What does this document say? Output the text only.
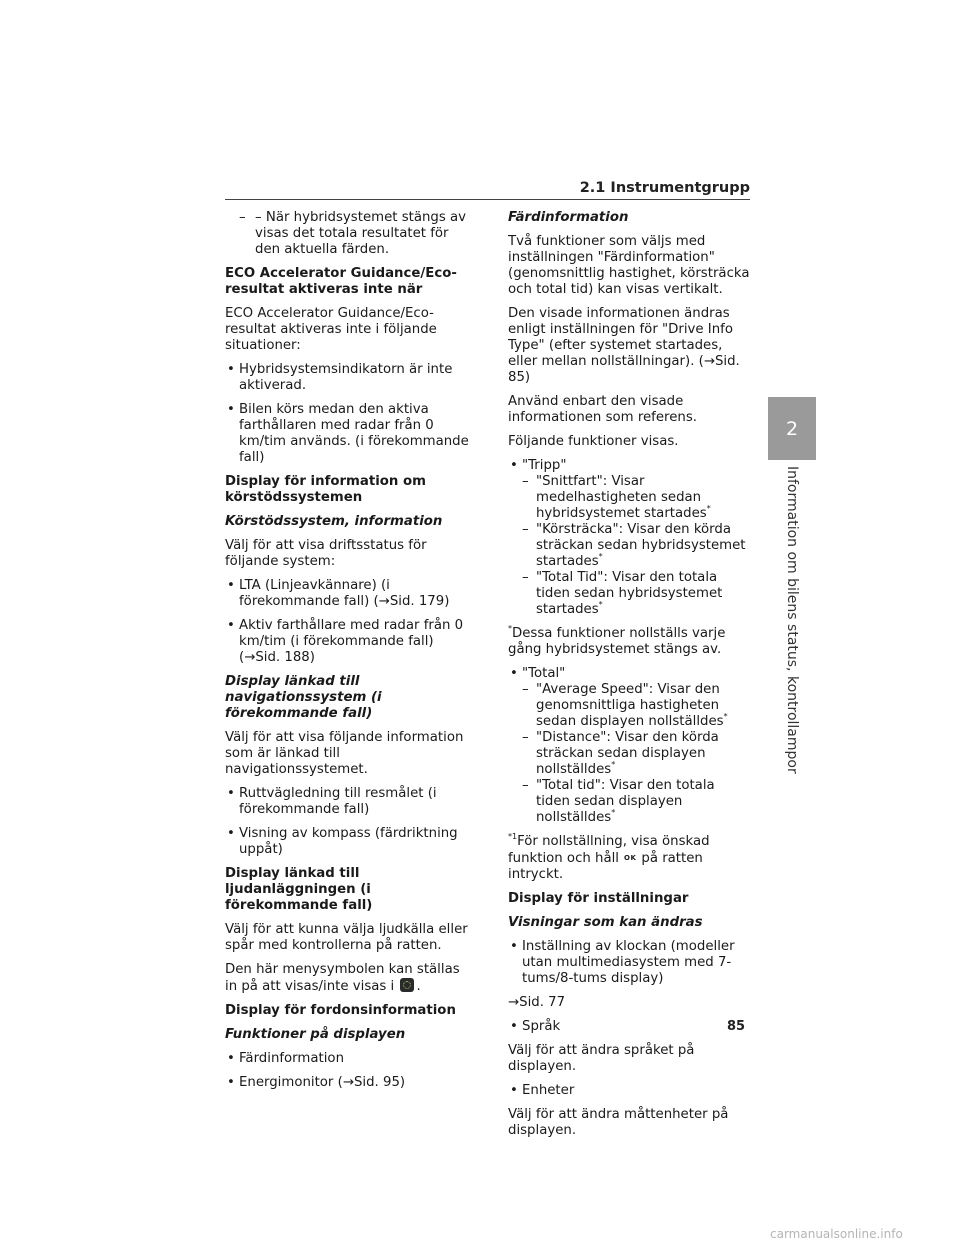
2.1 Instrumentgrupp
– – När hybridsystemet stängs av visas det totala resultatet för den aktuella färden.
ECO Accelerator Guidance/Eco-resultat aktiveras inte när
ECO Accelerator Guidance/Eco-resultat aktiveras inte i följande situationer:
• Hybridsystemsindikatorn är inte aktiverad.
• Bilen körs medan den aktiva farthållaren med radar från 0 km/tim används. (i förekommande fall)
Display för information om körstödssystemen
Körstödssystem, information
Välj för att visa driftsstatus för följande system:
• LTA (Linjeavkännare) (i förekommande fall) (→Sid. 179)
• Aktiv farthållare med radar från 0 km/tim (i förekommande fall) (→Sid. 188)
Display länkad till navigationssystem (i förekommande fall)
Välj för att visa följande information som är länkad till navigationssystemet.
• Ruttvägledning till resmålet (i förekommande fall)
• Visning av kompass (färdriktning uppåt)
Display länkad till ljudanläggningen (i förekommande fall)
Välj för att kunna välja ljudkälla eller spår med kontrollerna på ratten.
Den här menysymbolen kan ställas in på att visas/inte visas i .
Display för fordonsinformation
Funktioner på displayen
• Färdinformation
• Energimonitor (→Sid. 95)
Färdinformation
Två funktioner som väljs med inställningen "Färdinformation" (genomsnittlig hastighet, körsträcka och total tid) kan visas vertikalt.
Den visade informationen ändras enligt inställningen för "Drive Info Type" (efter systemet startades, eller mellan nollställningar). (→Sid. 85)
Använd enbart den visade informationen som referens.
Följande funktioner visas.
• "Tripp"
– "Snittfart": Visar medelhastigheten sedan hybridsystemet startades*
– "Körsträcka": Visar den körda sträckan sedan hybridsystemet startades*
– "Total Tid": Visar den totala tiden sedan hybridsystemet startades*
*Dessa funktioner nollställs varje gång hybridsystemet stängs av.
• "Total"
– "Average Speed": Visar den genomsnittliga hastigheten sedan displayen nollställdes*
– "Distance": Visar den körda sträckan sedan displayen nollställdes*
– "Total tid": Visar den totala tiden sedan displayen nollställdes*
$^{*1}$För nollställning, visa önskad funktion och håll OK på ratten intryckt.
Display för inställningar
Visningar som kan ändras
• Inställning av klockan (modeller utan multimediasystem med 7-tums/8-tums display)
→Sid. 77
• Språk
Välj för att ändra språket på displayen.
• Enheter
Välj för att ändra måttenheter på displayen.
2
Information om bilens status, kontrollampor
85
carmanualsonline.info
